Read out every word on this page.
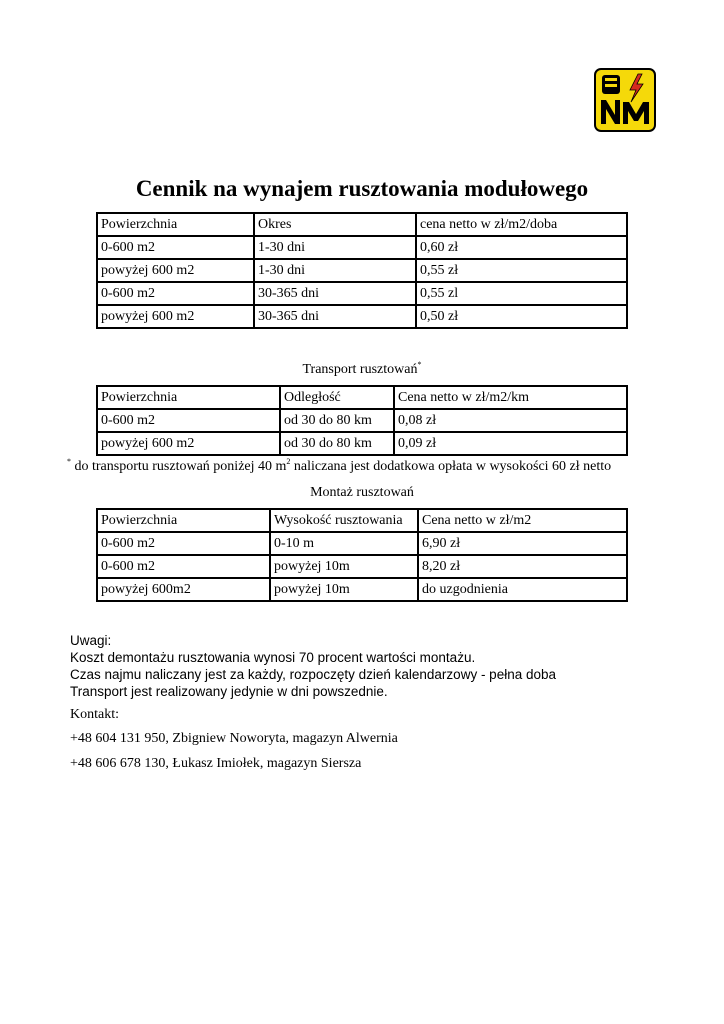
Cennik na wynajem rusztowania modułowego
Powierzchnia	Okres	cena netto w zł/m2/doba
0-600 m2	1-30 dni	0,60 zł
powyżej 600 m2	1-30 dni	0,55 zł
0-600 m2	30-365 dni	0,55 zl
powyżej 600 m2	30-365 dni	0,50 zł
Transport rusztowań*
Powierzchnia	Odległość	Cena netto w zł/m2/km
0-600 m2	od 30 do 80 km	0,08 zł
powyżej 600 m2	od 30 do 80 km	0,09 zł
* do transportu rusztowań poniżej 40 $m^2$ naliczana jest dodatkowa opłata w wysokości 60 zł netto
Montaż rusztowań
Powierzchnia	Wysokość rusztowania	Cena netto w zł/m2
0-600 m2	0-10 m	6,90 zł
0-600 m2	powyżej 10m	8,20 zł
powyżej 600m2	powyżej 10m	do uzgodnienia
Uwagi:
Koszt demontażu rusztowania wynosi 70 procent wartości montażu.
Czas najmu naliczany jest za każdy, rozpoczęty dzień kalendarzowy - pełna doba
Transport jest realizowany jedynie w dni powszednie.
Kontakt:
+48 604 131 950, Zbigniew Noworyta, magazyn Alwernia
+48 606 678 130, Łukasz Imiołek, magazyn Siersza
